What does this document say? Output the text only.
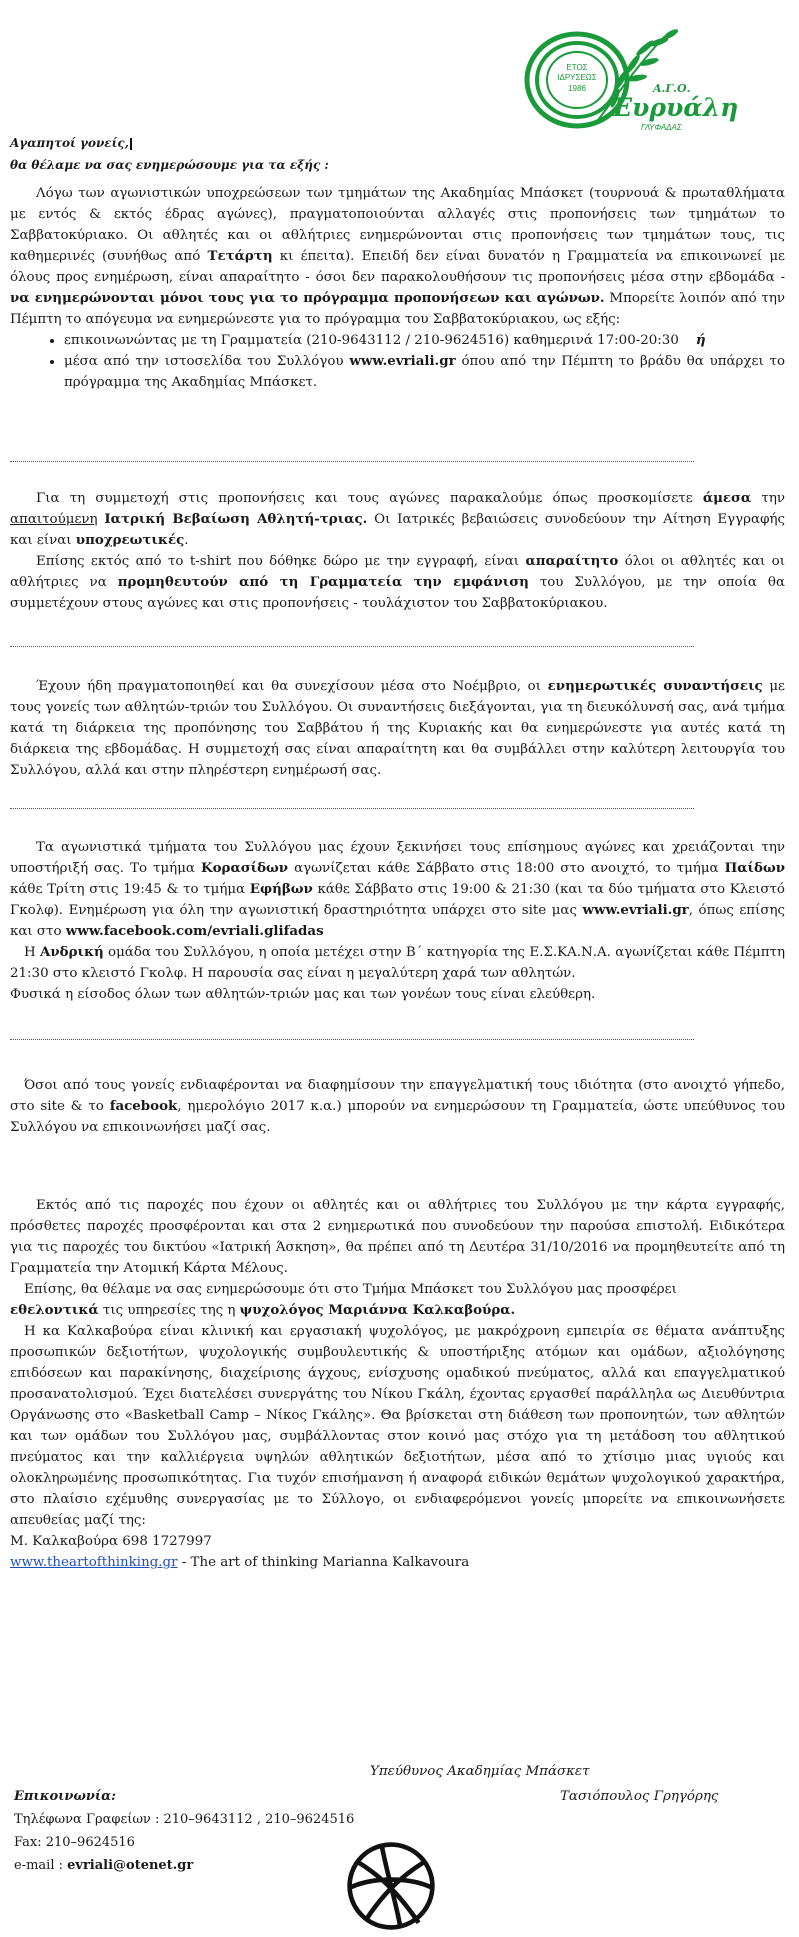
ΕΤΟΣ
ΙΔΡΥΣΕΩΣ
1986	Α.Γ.Ο.
Ευρυάλη
ΓΛΥΦΑΔΑΣ

Αγαπητοί γονείς,

θα θέλαμε να σας ενημερώσουμε για τα εξής :

Λόγω των αγωνιστικών υποχρεώσεων των τμημάτων της Ακαδημίας Μπάσκετ (τουρνουά & πρωταθλήματα με εντός & εκτός έδρας αγώνες), πραγματοποιούνται αλλαγές στις προπονήσεις των τμημάτων το Σαββατοκύριακο. Οι αθλητές και οι αθλήτριες ενημερώνονται στις προπονήσεις των τμημάτων τους, τις καθημερινές (συνήθως από Τετάρτη κι έπειτα). Επειδή δεν είναι δυνατόν η Γραμματεία να επικοινωνεί με όλους προς ενημέρωση, είναι απαραίτητο - όσοι δεν παρακολουθήσουν τις προπονήσεις μέσα στην εβδομάδα - να ενημερώνονται μόνοι τους για το πρόγραμμα προπονήσεων και αγώνων. Μπορείτε λοιπόν από την Πέμπτη το απόγευμα να ενημερώνεστε για το πρόγραμμα του Σαββατοκύριακου, ως εξής:

• επικοινωνώντας με τη Γραμματεία (210-9643112 / 210-9624516) καθημερινά 17:00-20:30 ή
• μέσα από την ιστοσελίδα του Συλλόγου www.evriali.gr όπου από την Πέμπτη το βράδυ θα υπάρχει το πρόγραμμα της Ακαδημίας Μπάσκετ.

Για τη συμμετοχή στις προπονήσεις και τους αγώνες παρακαλούμε όπως προσκομίσετε άμεσα την απαιτούμενη Ιατρική Βεβαίωση Αθλητή-τριας. Οι Ιατρικές βεβαιώσεις συνοδεύουν την Αίτηση Εγγραφής και είναι υποχρεωτικές.

Επίσης εκτός από το t-shirt που δόθηκε δώρο με την εγγραφή, είναι απαραίτητο όλοι οι αθλητές και οι αθλήτριες να προμηθευτούν από τη Γραμματεία την εμφάνιση του Συλλόγου, με την οποία θα συμμετέχουν στους αγώνες και στις προπονήσεις - τουλάχιστον του Σαββατοκύριακου.

Έχουν ήδη πραγματοποιηθεί και θα συνεχίσουν μέσα στο Νοέμβριο, οι ενημερωτικές συναντήσεις με τους γονείς των αθλητών-τριών του Συλλόγου. Οι συναντήσεις διεξάγονται, για τη διευκόλυνσή σας, ανά τμήμα κατά τη διάρκεια της προπόνησης του Σαββάτου ή της Κυριακής και θα ενημερώνεστε για αυτές κατά τη διάρκεια της εβδομάδας. Η συμμετοχή σας είναι απαραίτητη και θα συμβάλλει στην καλύτερη λειτουργία του Συλλόγου, αλλά και στην πληρέστερη ενημέρωσή σας.

Τα αγωνιστικά τμήματα του Συλλόγου μας έχουν ξεκινήσει τους επίσημους αγώνες και χρειάζονται την υποστήριξή σας. Το τμήμα Κορασίδων αγωνίζεται κάθε Σάββατο στις 18:00 στο ανοιχτό, το τμήμα Παίδων κάθε Τρίτη στις 19:45 & το τμήμα Εφήβων κάθε Σάββατο στις 19:00 & 21:30 (και τα δύο τμήματα στο Κλειστό Γκολφ). Ενημέρωση για όλη την αγωνιστική δραστηριότητα υπάρχει στο site μας www.evriali.gr, όπως επίσης και στο www.facebook.com/evriali.glifadas

Η Ανδρική ομάδα του Συλλόγου, η οποία μετέχει στην Β΄ κατηγορία της Ε.Σ.ΚΑ.Ν.Α. αγωνίζεται κάθε Πέμπτη 21:30 στο κλειστό Γκολφ. Η παρουσία σας είναι η μεγαλύτερη χαρά των αθλητών.

Φυσικά η είσοδος όλων των αθλητών-τριών μας και των γονέων τους είναι ελεύθερη.

Όσοι από τους γονείς ενδιαφέρονται να διαφημίσουν την επαγγελματική τους ιδιότητα (στο ανοιχτό γήπεδο, στο site & το facebook, ημερολόγιο 2017 κ.α.) μπορούν να ενημερώσουν τη Γραμματεία, ώστε υπεύθυνος του Συλλόγου να επικοινωνήσει μαζί σας.

Εκτός από τις παροχές που έχουν οι αθλητές και οι αθλήτριες του Συλλόγου με την κάρτα εγγραφής, πρόσθετες παροχές προσφέρονται και στα 2 ενημερωτικά που συνοδεύουν την παρούσα επιστολή. Ειδικότερα για τις παροχές του δικτύου «Ιατρική Άσκηση», θα πρέπει από τη Δευτέρα 31/10/2016 να προμηθευτείτε από τη Γραμματεία την Ατομική Κάρτα Μέλους.

Επίσης, θα θέλαμε να σας ενημερώσουμε ότι στο Τμήμα Μπάσκετ του Συλλόγου μας προσφέρει

εθελοντικά τις υπηρεσίες της η ψυχολόγος Μαριάννα Καλκαβούρα.

Η κα Καλκαβούρα είναι κλινική και εργασιακή ψυχολόγος, με μακρόχρονη εμπειρία σε θέματα ανάπτυξης προσωπικών δεξιοτήτων, ψυχολογικής συμβουλευτικής & υποστήριξης ατόμων και ομάδων, αξιολόγησης επιδόσεων και παρακίνησης, διαχείρισης άγχους, ενίσχυσης ομαδικού πνεύματος, αλλά και επαγγελματικού προσανατολισμού. Έχει διατελέσει συνεργάτης του Νίκου Γκάλη, έχοντας εργασθεί παράλληλα ως Διευθύντρια Οργάνωσης στο «Basketball Camp – Νίκος Γκάλης». Θα βρίσκεται στη διάθεση των προπονητών, των αθλητών και των ομάδων του Συλλόγου μας, συμβάλλοντας στον κοινό μας στόχο για τη μετάδοση του αθλητικού πνεύματος και την καλλιέργεια υψηλών αθλητικών δεξιοτήτων, μέσα από το χτίσιμο μιας υγιούς και ολοκληρωμένης προσωπικότητας. Για τυχόν επισήμανση ή αναφορά ειδικών θεμάτων ψυχολογικού χαρακτήρα, στο πλαίσιο εχέμυθης συνεργασίας με το Σύλλογο, οι ενδιαφερόμενοι γονείς μπορείτε να επικοινωνήσετε απευθείας μαζί της:

Μ. Καλκαβούρα 698 1727997

www.theartofthinking.gr - The art of thinking Marianna Kalkavoura

Υπεύθυνος Ακαδημίας Μπάσκετ
Τασιόπουλος Γρηγόρης

Επικοινωνία:

Τηλέφωνα Γραφείων : 210–9643112 , 210–9624516

Fax: 210–9624516

e-mail : evriali@otenet.gr
